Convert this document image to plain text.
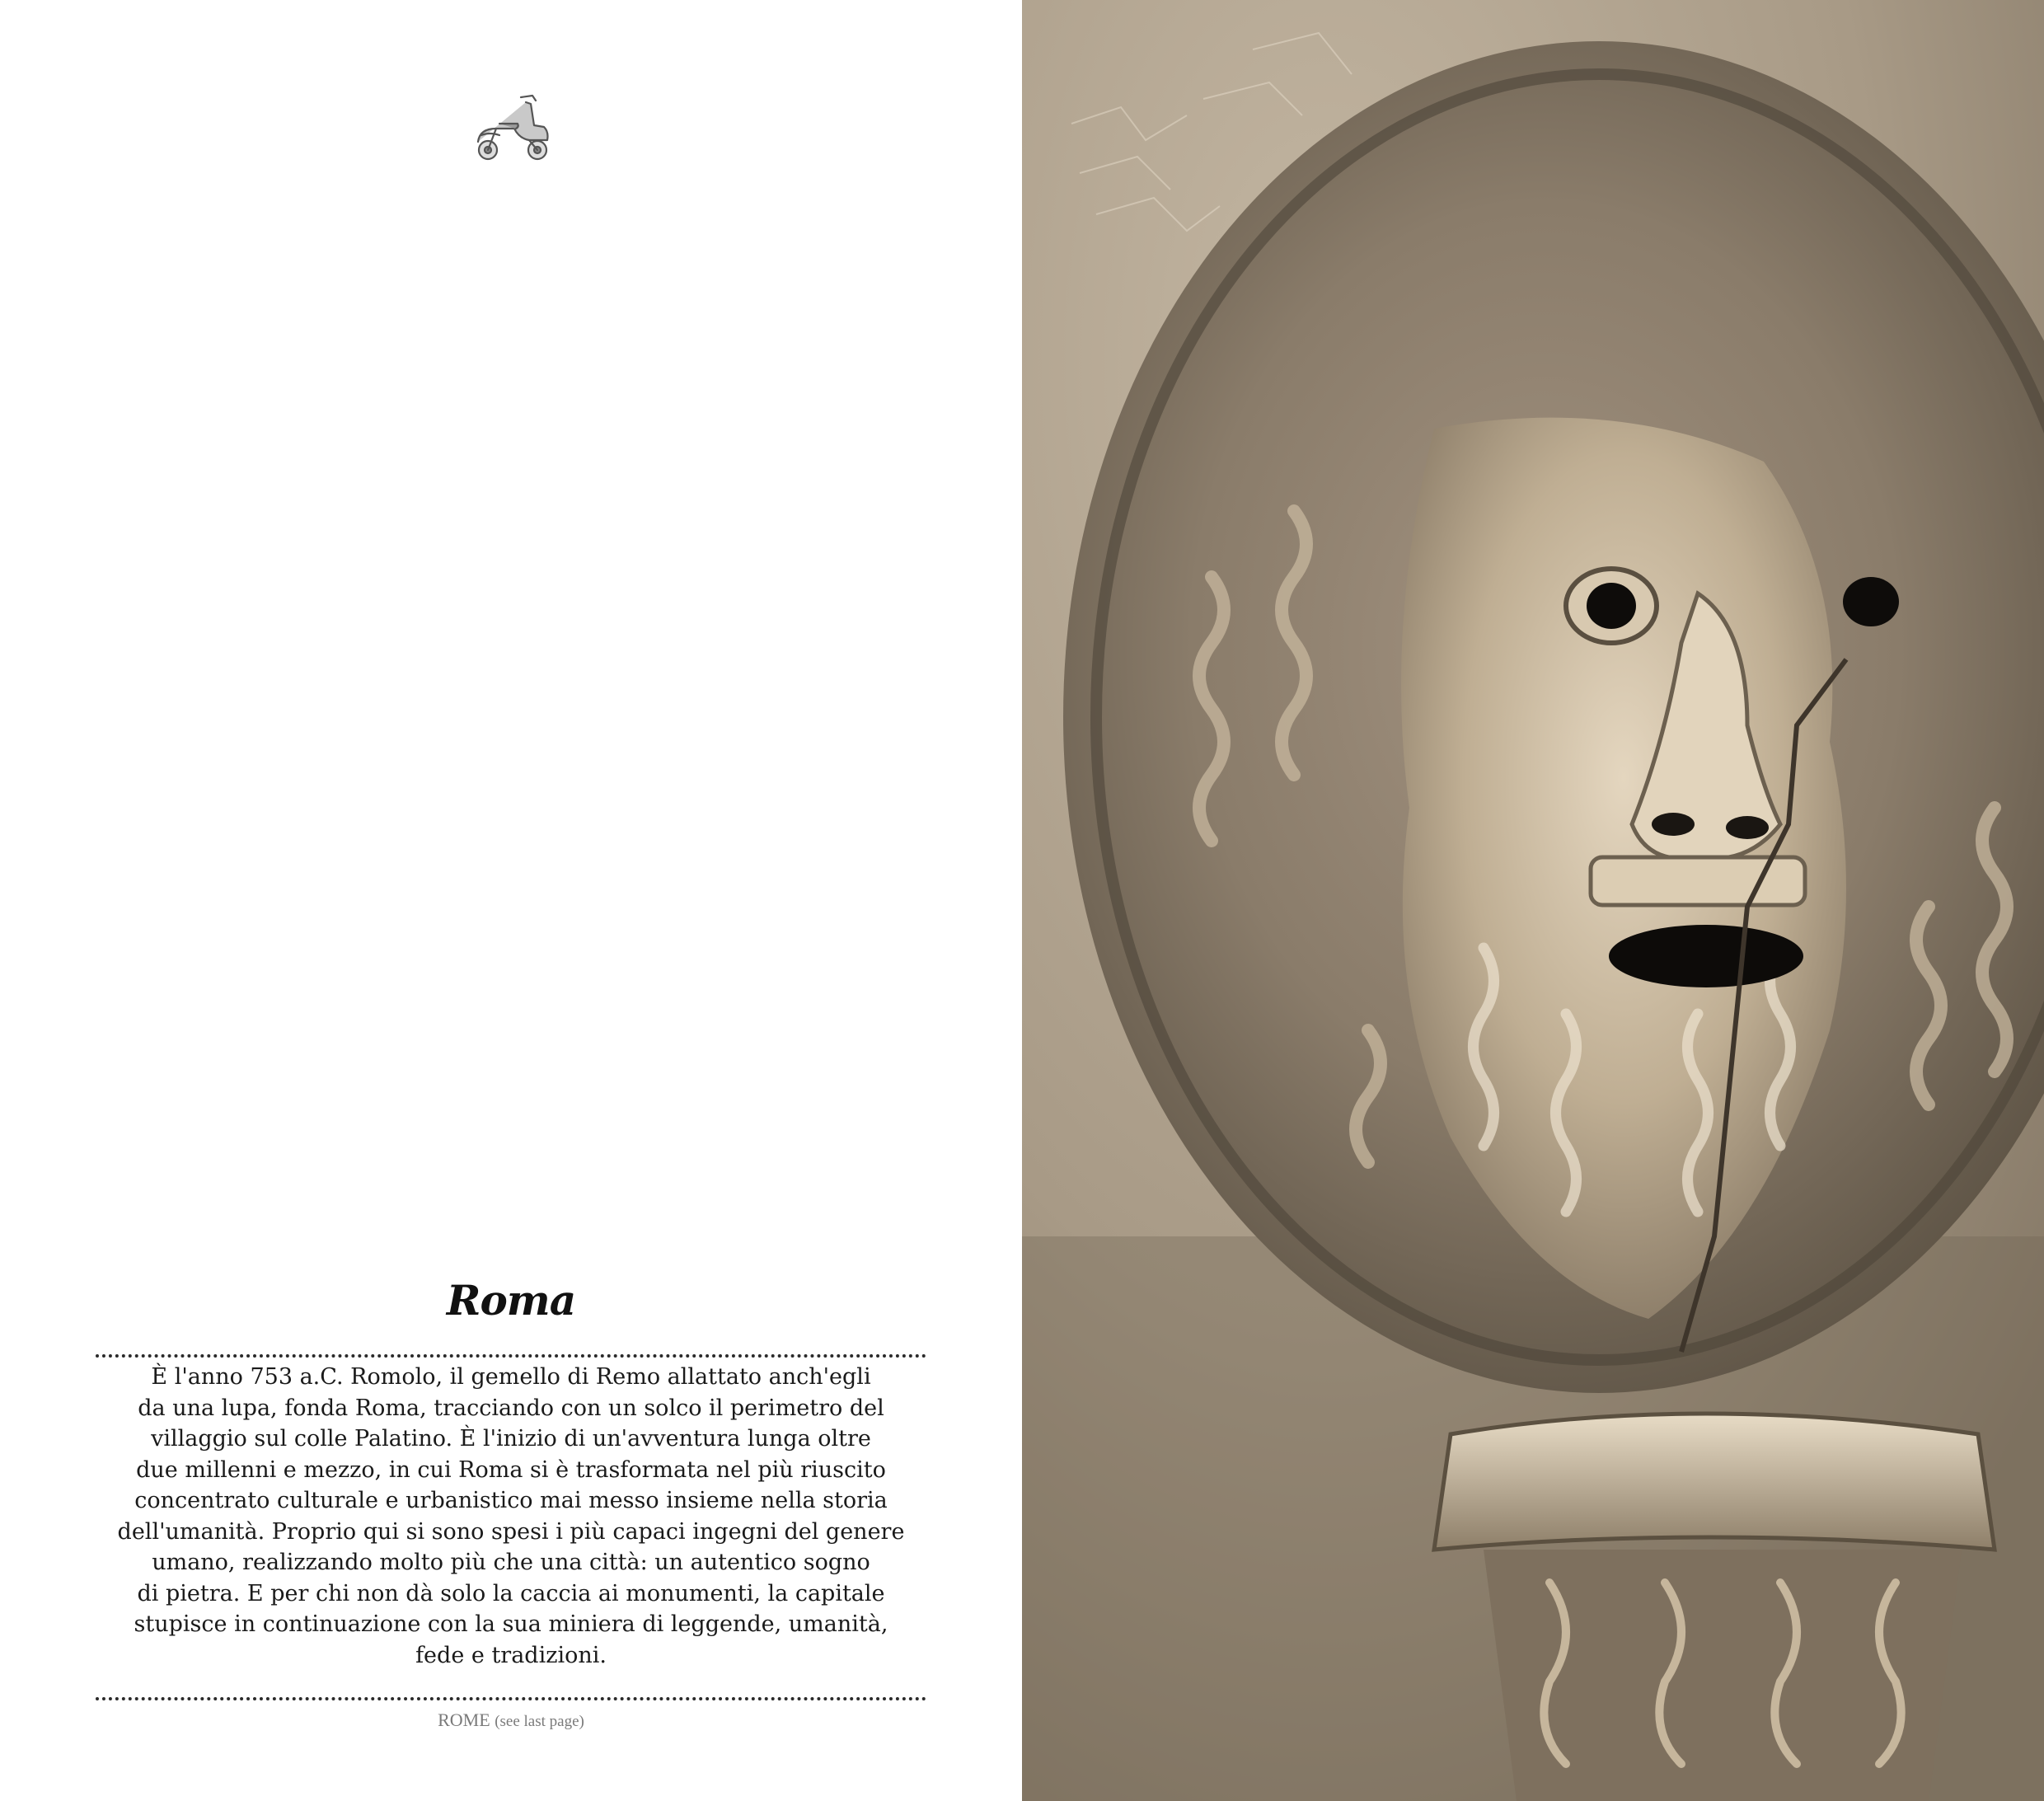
Roma

È l'anno 753 a.C. Romolo, il gemello di Remo allattato anch'egli
da una lupa, fonda Roma, tracciando con un solco il perimetro del
villaggio sul colle Palatino. È l'inizio di un'avventura lunga oltre
due millenni e mezzo, in cui Roma si è trasformata nel più riuscito
concentrato culturale e urbanistico mai messo insieme nella storia
dell'umanità. Proprio qui si sono spesi i più capaci ingegni del genere
umano, realizzando molto più che una città: un autentico sogno
di pietra. E per chi non dà solo la caccia ai monumenti, la capitale
stupisce in continuazione con la sua miniera di leggende, umanità,
fede e tradizioni.

ROME (see last page)
